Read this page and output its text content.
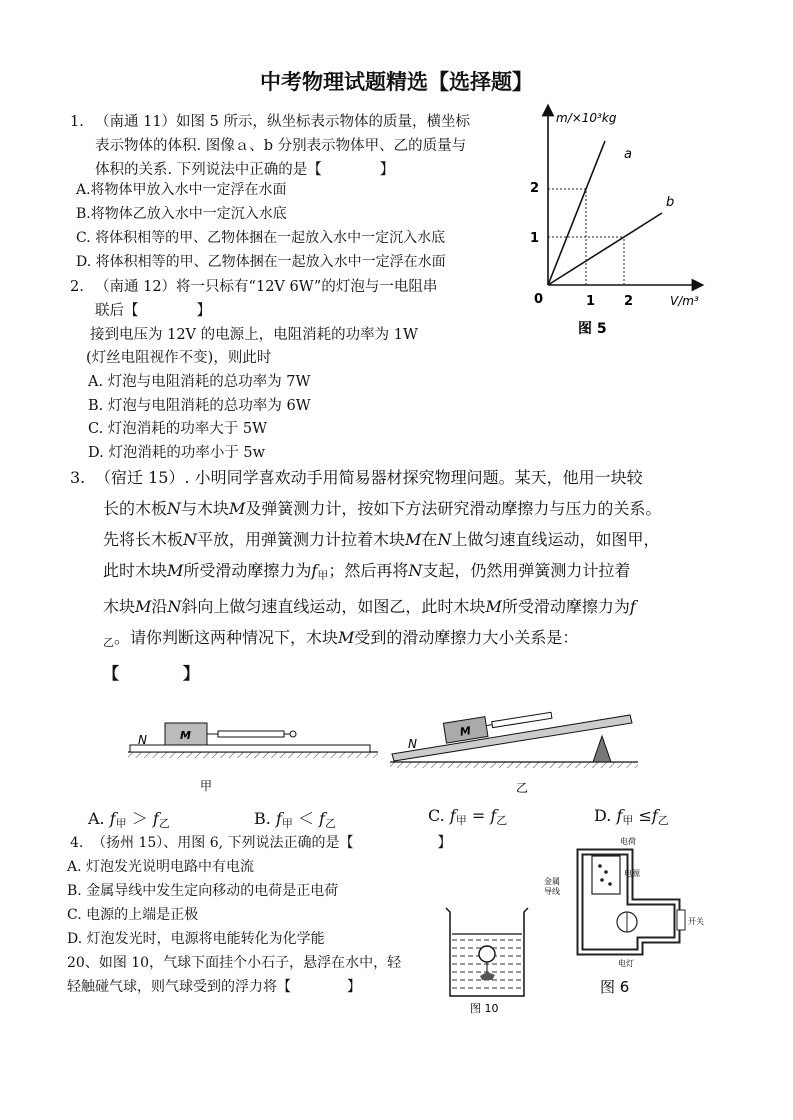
中考物理试题精选【选择题】
1. （南通 11）如图 5 所示，纵坐标表示物体的质量，横坐标
表示物体的体积. 图像ａ、b 分别表示物体甲、乙的质量与
体积的关系. 下列说法中正确的是【　　　　】
A.将物体甲放入水中一定浮在水面
B.将物体乙放入水中一定沉入水底
C. 将体积相等的甲、乙物体捆在一起放入水中一定沉入水底
D. 将体积相等的甲、乙物体捆在一起放入水中一定浮在水面
m/×10³kg
V/m³
0	1 2
2
1
a
b
图 5
2. （南通 12）将一只标有“12V 6W”的灯泡与一电阻串
联后【　　　　】
接到电压为 12V 的电源上，电阻消耗的功率为 1W
(灯丝电阻视作不变)，则此时
A. 灯泡与电阻消耗的总功率为 7W
B. 灯泡与电阻消耗的总功率为 6W
C. 灯泡消耗的功率大于 5W
D. 灯泡消耗的功率小于 5w
3. （宿迁 15）. 小明同学喜欢动手用简易器材探究物理问题。某天，他用一块较
长的木板N与木块M及弹簧测力计，按如下方法研究滑动摩擦力与压力的关系。
先将长木板N平放，用弹簧测力计拉着木块M在N上做匀速直线运动，如图甲，
此时木块M所受滑动摩擦力为$f_甲$；然后再将N支起，仍然用弹簧测力计拉着
木块M沿N斜向上做匀速直线运动，如图乙，此时木块M所受滑动摩擦力为f
$_乙$。请你判断这两种情况下，木块M受到的滑动摩擦力大小关系是：
【　　　　】
N	M
甲
N
M
乙
A. $f_甲 > f_乙$	B. $f_甲 < f_乙$	C. $f_甲 = f_乙$	D. $f_甲 \le f_乙$
4. （扬州 15）、用图 6, 下列说法正确的是【　　　　　　】
A. 灯泡发光说明电路中有电流
B. 金属导线中发生定向移动的电荷是正电荷
C. 电源的上端是正极
D. 灯泡发光时，电源将电能转化为化学能
20、如图 10，气球下面挂个小石子，悬浮在水中，轻
轻触碰气球，则气球受到的浮力将【　　　　】
图 10
电荷
电源
金属
导线
开关
电灯
图 6
